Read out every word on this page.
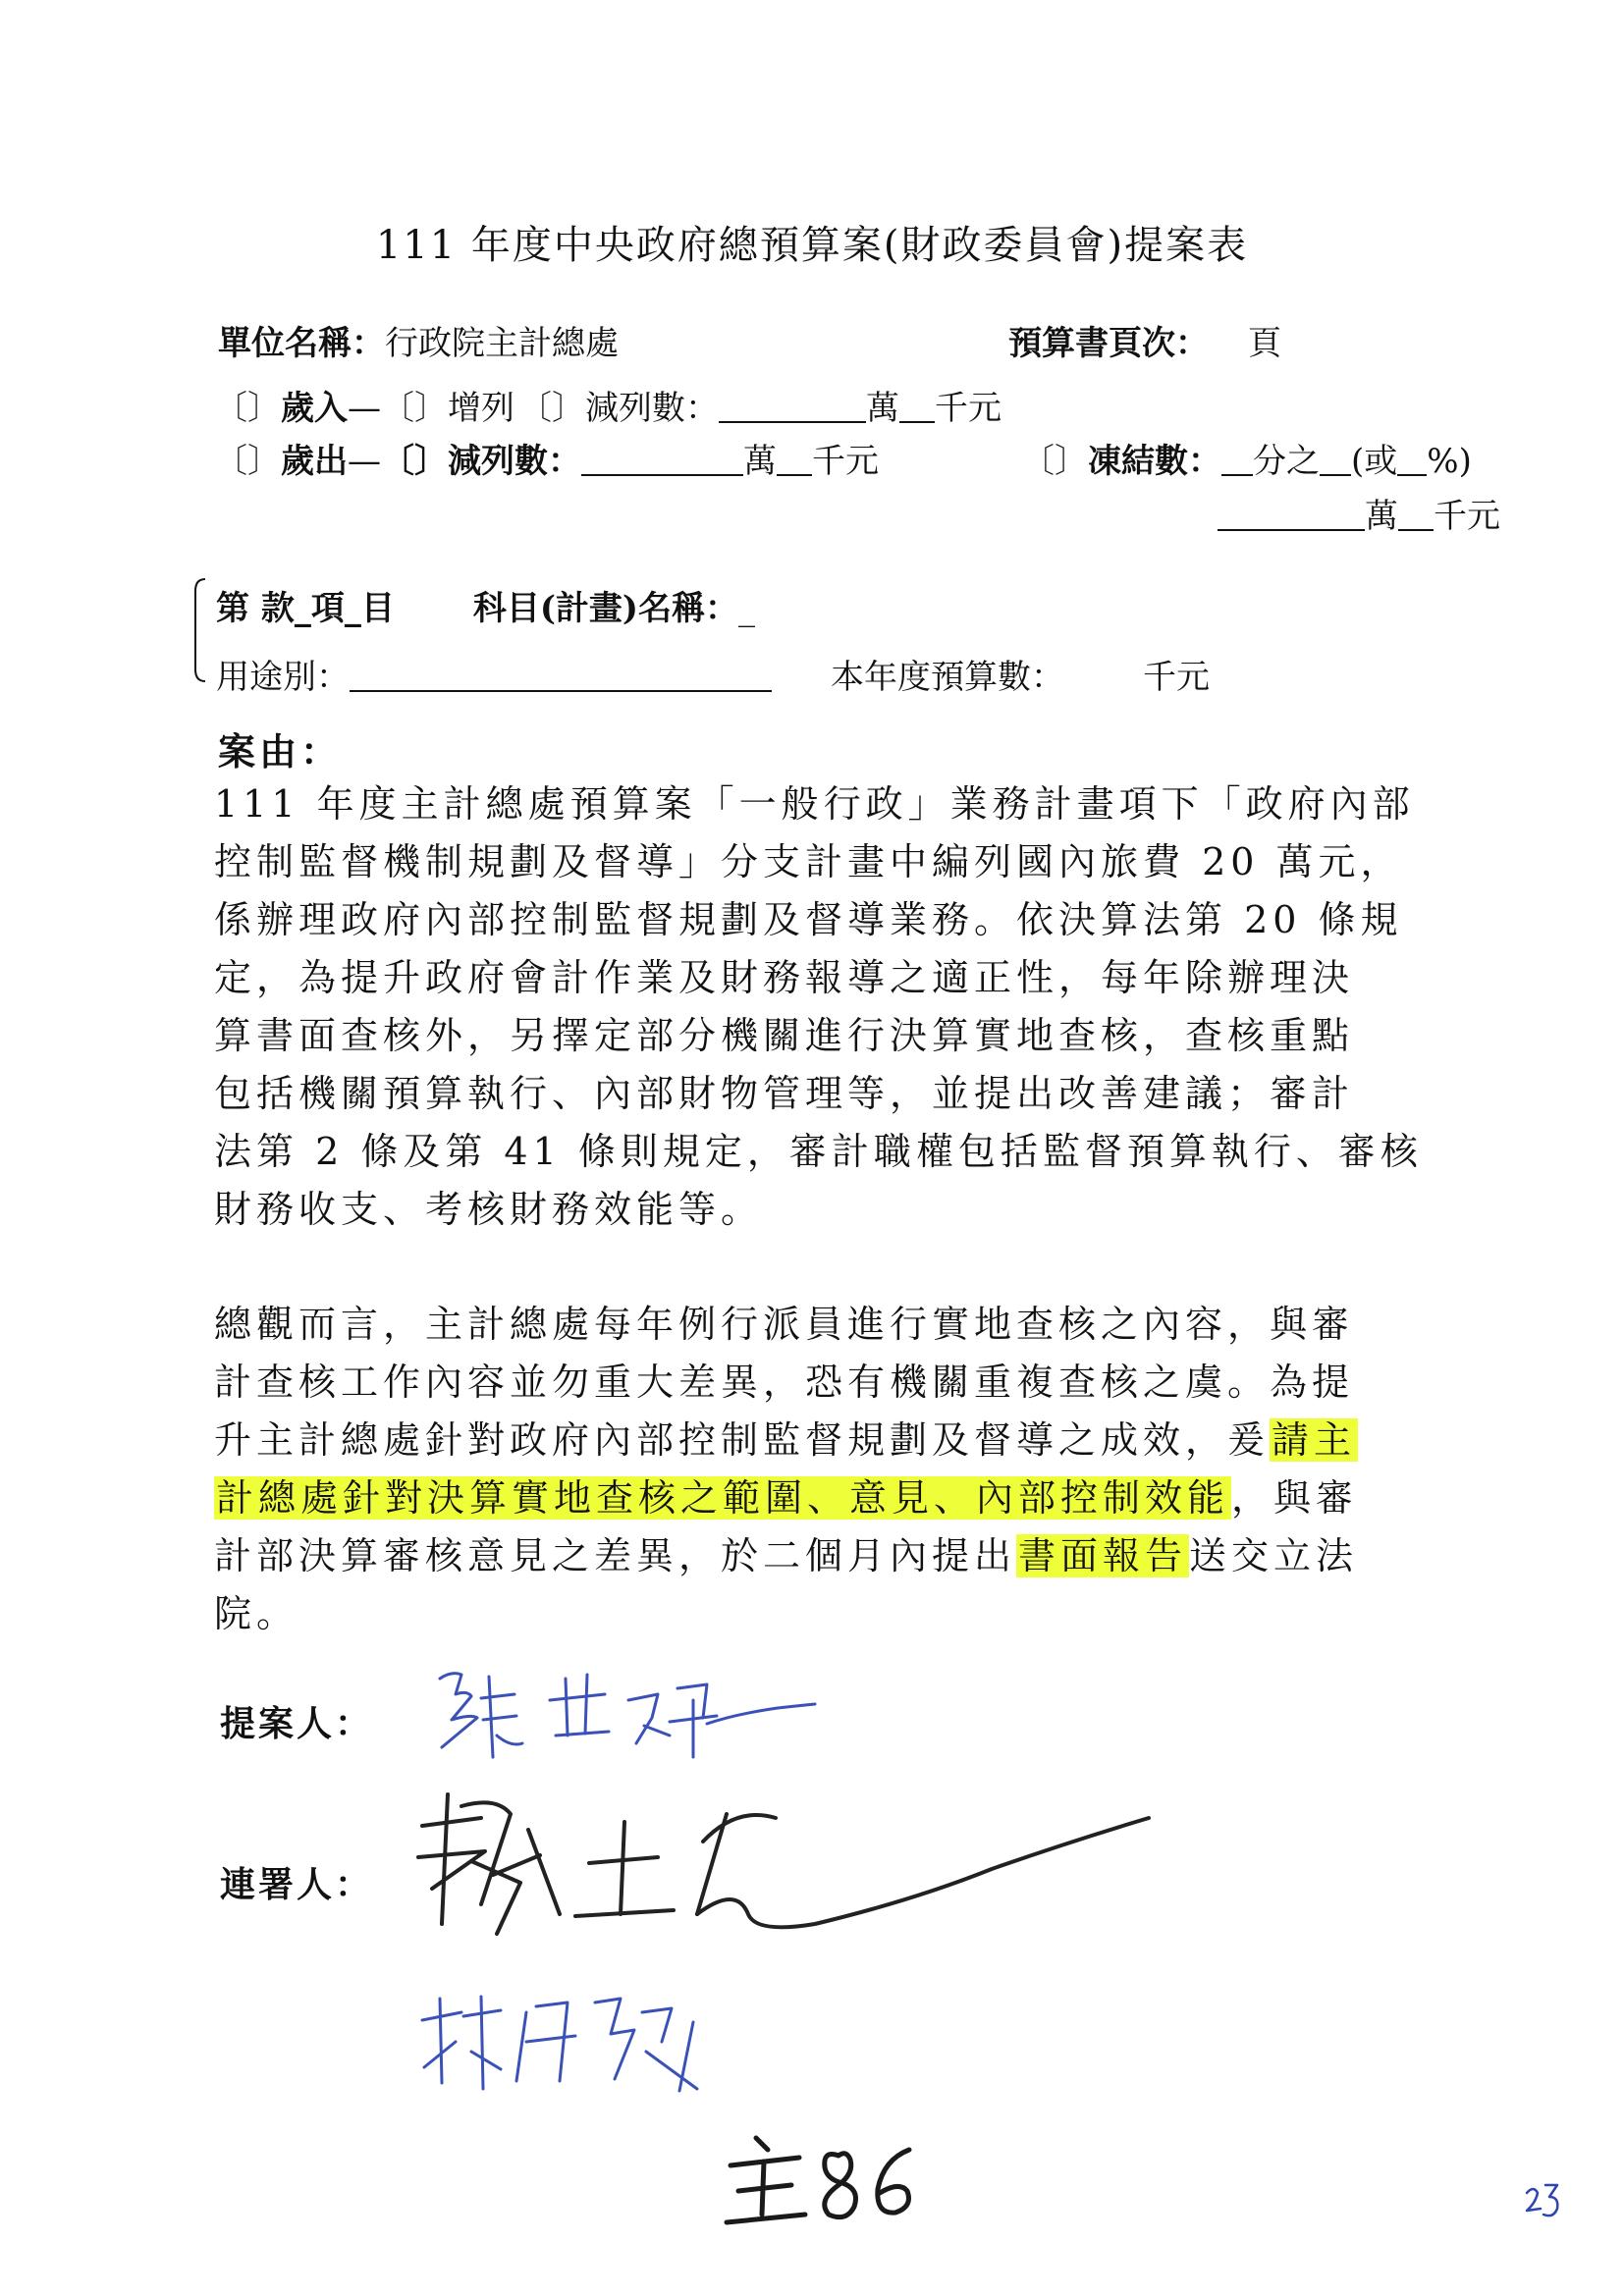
111 年度中央政府總預算案(財政委員會)提案表
單位名稱：行政院主計總處	預算書頁次： 頁
〔〕歲入—〔〕增列 〔〕減列數：	萬 千元
〔〕歲出—〔〕減列數：	萬 千元	〔〕凍結數： 分之 (或 %)
萬 千元
第 款_項_目 科目(計畫)名稱：_
用途別：	本年度預算數： 千元
案由：
111 年度主計總處預算案「一般行政」業務計畫項下「政府內部
控制監督機制規劃及督導」分支計畫中編列國內旅費 20 萬元，
係辦理政府內部控制監督規劃及督導業務。依決算法第 20 條規
定，為提升政府會計作業及財務報導之適正性，每年除辦理決
算書面查核外，另擇定部分機關進行決算實地查核，查核重點
包括機關預算執行、內部財物管理等，並提出改善建議；審計
法第 2 條及第 41 條則規定，審計職權包括監督預算執行、審核
財務收支、考核財務效能等。
總觀而言，主計總處每年例行派員進行實地查核之內容，與審
計查核工作內容並勿重大差異，恐有機關重複查核之虞。為提
升主計總處針對政府內部控制監督規劃及督導之成效，爰請主
計總處針對決算實地查核之範圍、意見、內部控制效能，與審
計部決算審核意見之差異，於二個月內提出書面報告送交立法
院。
提案人：
連署人：
